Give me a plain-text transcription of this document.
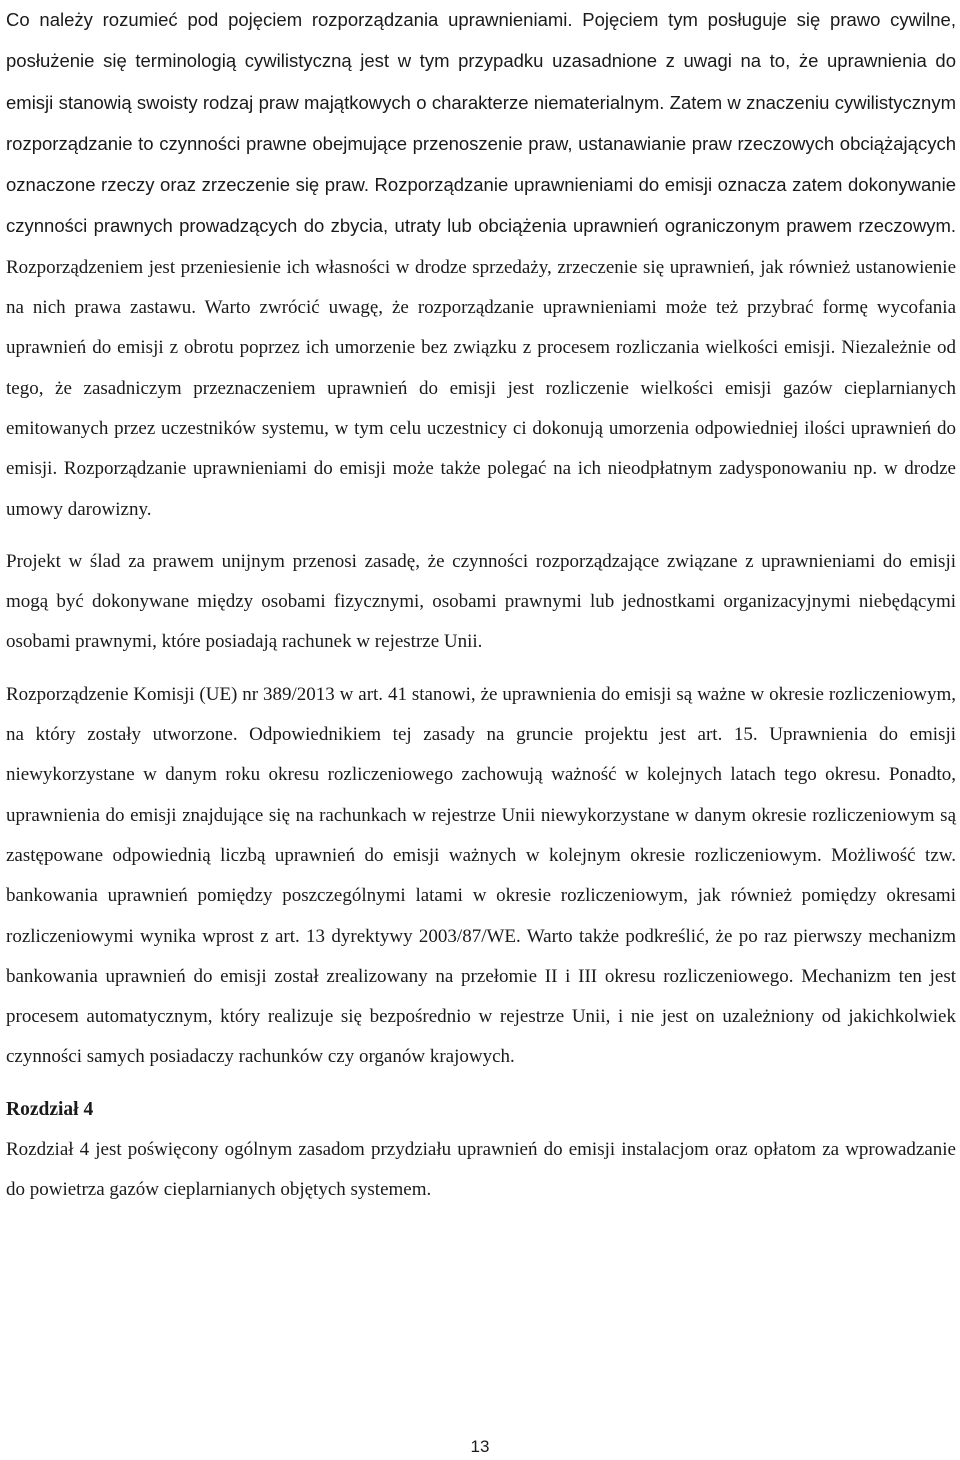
Co należy rozumieć pod pojęciem rozporządzania uprawnieniami. Pojęciem tym posługuje się prawo cywilne, posłużenie się terminologią cywilistyczną jest w tym przypadku uzasadnione z uwagi na to, że uprawnienia do emisji stanowią swoisty rodzaj praw majątkowych o charakterze niematerialnym. Zatem w znaczeniu cywilistycznym rozporządzanie to czynności prawne obejmujące przenoszenie praw, ustanawianie praw rzeczowych obciążających oznaczone rzeczy oraz zrzeczenie się praw. Rozporządzanie uprawnieniami do emisji oznacza zatem dokonywanie czynności prawnych prowadzących do zbycia, utraty lub obciążenia uprawnień ograniczonym prawem rzeczowym. Rozporządzeniem jest przeniesienie ich własności w drodze sprzedaży, zrzeczenie się uprawnień, jak również ustanowienie na nich prawa zastawu. Warto zwrócić uwagę, że rozporządzanie uprawnieniami może też przybrać formę wycofania uprawnień do emisji z obrotu poprzez ich umorzenie bez związku z procesem rozliczania wielkości emisji. Niezależnie od tego, że zasadniczym przeznaczeniem uprawnień do emisji jest rozliczenie wielkości emisji gazów cieplarnianych emitowanych przez uczestników systemu, w tym celu uczestnicy ci dokonują umorzenia odpowiedniej ilości uprawnień do emisji. Rozporządzanie uprawnieniami do emisji może także polegać na ich nieodpłatnym zadysponowaniu np. w drodze umowy darowizny.

Projekt w ślad za prawem unijnym przenosi zasadę, że czynności rozporządzające związane z uprawnieniami do emisji mogą być dokonywane między osobami fizycznymi, osobami prawnymi lub jednostkami organizacyjnymi niebędącymi osobami prawnymi, które posiadają rachunek w rejestrze Unii.

Rozporządzenie Komisji (UE) nr 389/2013 w art. 41 stanowi, że uprawnienia do emisji są ważne w okresie rozliczeniowym, na który zostały utworzone. Odpowiednikiem tej zasady na gruncie projektu jest art. 15. Uprawnienia do emisji niewykorzystane w danym roku okresu rozliczeniowego zachowują ważność w kolejnych latach tego okresu. Ponadto, uprawnienia do emisji znajdujące się na rachunkach w rejestrze Unii niewykorzystane w danym okresie rozliczeniowym są zastępowane odpowiednią liczbą uprawnień do emisji ważnych w kolejnym okresie rozliczeniowym. Możliwość tzw. bankowania uprawnień pomiędzy poszczególnymi latami w okresie rozliczeniowym, jak również pomiędzy okresami rozliczeniowymi wynika wprost z art. 13 dyrektywy 2003/87/WE. Warto także podkreślić, że po raz pierwszy mechanizm bankowania uprawnień do emisji został zrealizowany na przełomie II i III okresu rozliczeniowego. Mechanizm ten jest procesem automatycznym, który realizuje się bezpośrednio w rejestrze Unii, i nie jest on uzależniony od jakichkolwiek czynności samych posiadaczy rachunków czy organów krajowych.

Rozdział 4

Rozdział 4 jest poświęcony ogólnym zasadom przydziału uprawnień do emisji instalacjom oraz opłatom za wprowadzanie do powietrza gazów cieplarnianych objętych systemem.

13
